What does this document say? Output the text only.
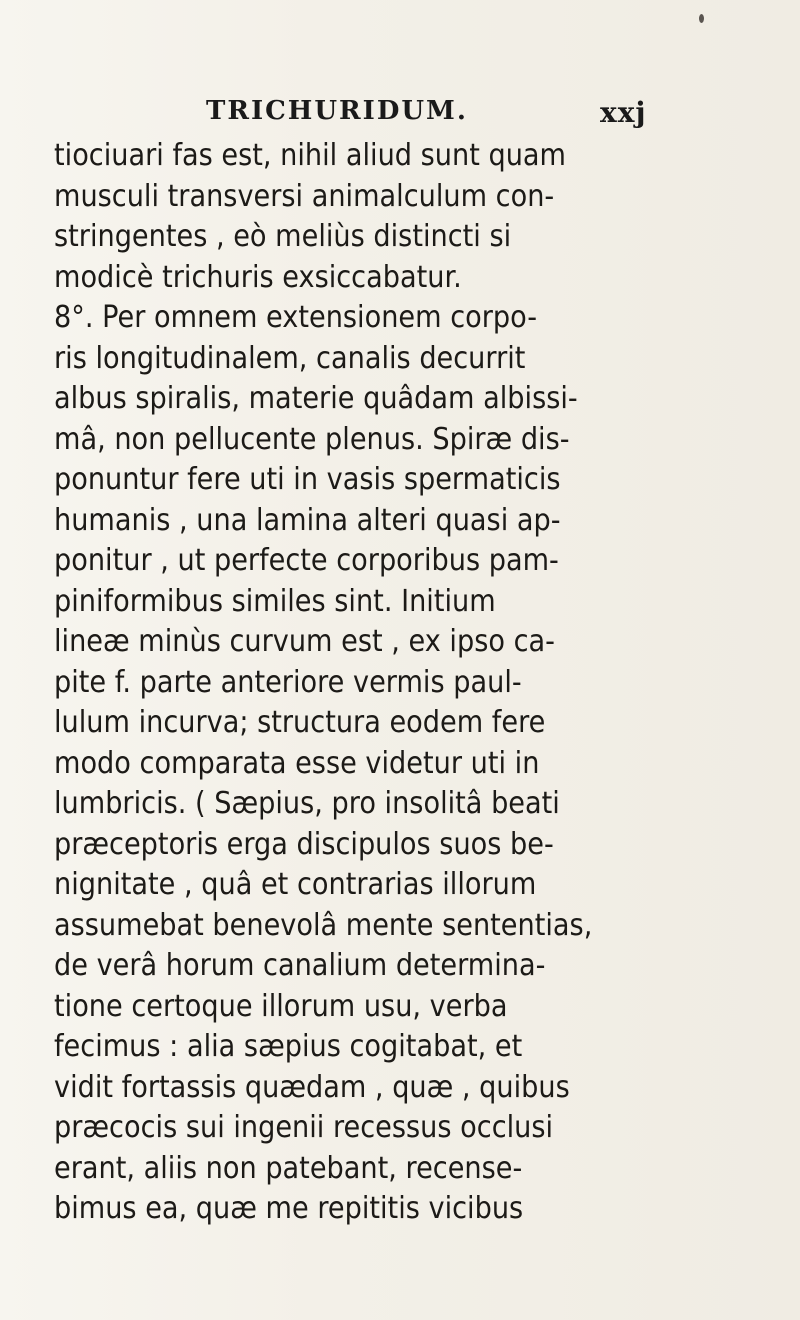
TRICHURIDUM.	xxj
tiociuari fas est, nihil aliud sunt quam
musculi transversi animalculum con-
stringentes , eò meliùs distincti si
modicè trichuris exsiccabatur.
8°. Per omnem extensionem corpo-
ris longitudinalem, canalis decurrit
albus spiralis, materie quâdam albissi-
mâ, non pellucente plenus. Spiræ dis-
ponuntur fere uti in vasis spermaticis
humanis , una lamina alteri quasi ap-
ponitur , ut perfecte corporibus pam-
piniformibus similes sint. Initium
lineæ minùs curvum est , ex ipso ca-
pite f. parte anteriore vermis paul-
lulum incurva; structura eodem fere
modo comparata esse videtur uti in
lumbricis. ( Sæpius, pro insolitâ beati
præceptoris erga discipulos suos be-
nignitate , quâ et contrarias illorum
assumebat benevolâ mente sententias,
de verâ horum canalium determina-
tione certoque illorum usu, verba
fecimus : alia sæpius cogitabat, et
vidit fortassis quædam , quæ , quibus
præcocis sui ingenii recessus occlusi
erant, aliis non patebant, recense-
bimus ea, quæ me repititis vicibus
